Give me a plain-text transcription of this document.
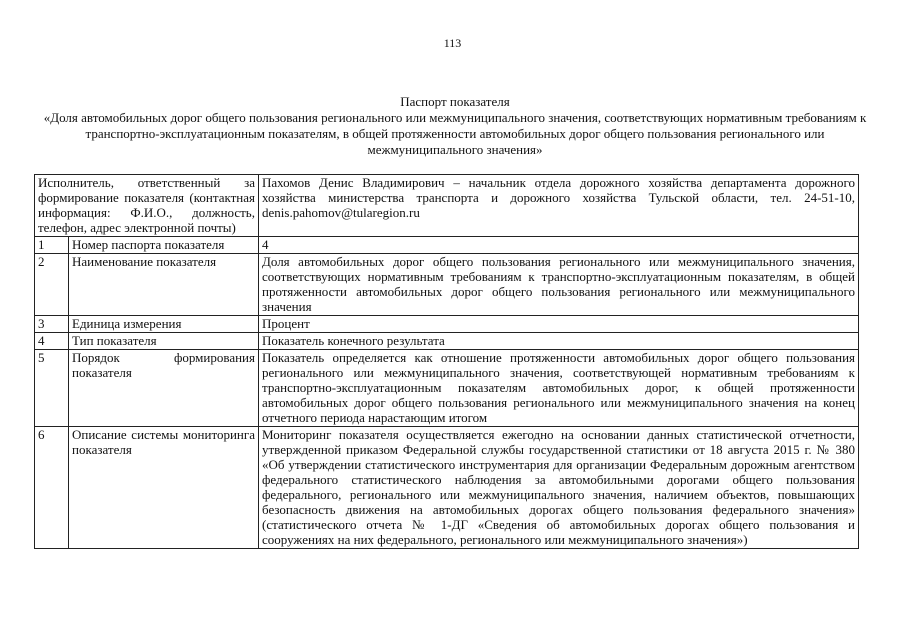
113
Паспорт показателя
«Доля автомобильных дорог общего пользования регионального или межмуниципального значения, соответствующих нормативным требованиям к транспортно-эксплуатационным показателям, в общей протяженности автомобильных дорог общего пользования регионального или межмуниципального значения»
Исполнитель, ответственный за формирование показателя (контактная информация: Ф.И.О., должность, телефон, адрес электронной почты)		Пахомов Денис Владимирович – начальник отдела дорожного хозяйства департамента дорожного хозяйства министерства транспорта и дорожного хозяйства Тульской области, тел. 24-51-10, denis.pahomov@tularegion.ru
1	Номер паспорта показателя	4
2	Наименование показателя	Доля автомобильных дорог общего пользования регионального или межмуниципального значения, соответствующих нормативным требованиям к транспортно-эксплуатационным показателям, в общей протяженности автомобильных дорог общего пользования регионального или межмуниципального значения
3	Единица измерения	Процент
4	Тип показателя	Показатель конечного результата
5	Порядок формирования показателя	Показатель определяется как отношение протяженности автомобильных дорог общего пользования регионального или межмуниципального значения, соответствующей нормативным требованиям к транспортно-эксплуатационным показателям автомобильных дорог, к общей протяженности автомобильных дорог общего пользования регионального или межмуниципального значения на конец отчетного периода нарастающим итогом
6	Описание системы мониторинга показателя	Мониторинг показателя осуществляется ежегодно на основании данных статистической отчетности, утвержденной приказом Федеральной службы государственной статистики от 18 августа 2015 г. № 380 «Об утверждении статистического инструментария для организации Федеральным дорожным агентством федерального статистического наблюдения за автомобильными дорогами общего пользования федерального, регионального или межмуниципального значения, наличием объектов, повышающих безопасность движения на автомобильных дорогах общего пользования федерального значения» (статистического отчета № 1-ДГ «Сведения об автомобильных дорогах общего пользования и сооружениях на них федерального, регионального или межмуниципального значения»)
